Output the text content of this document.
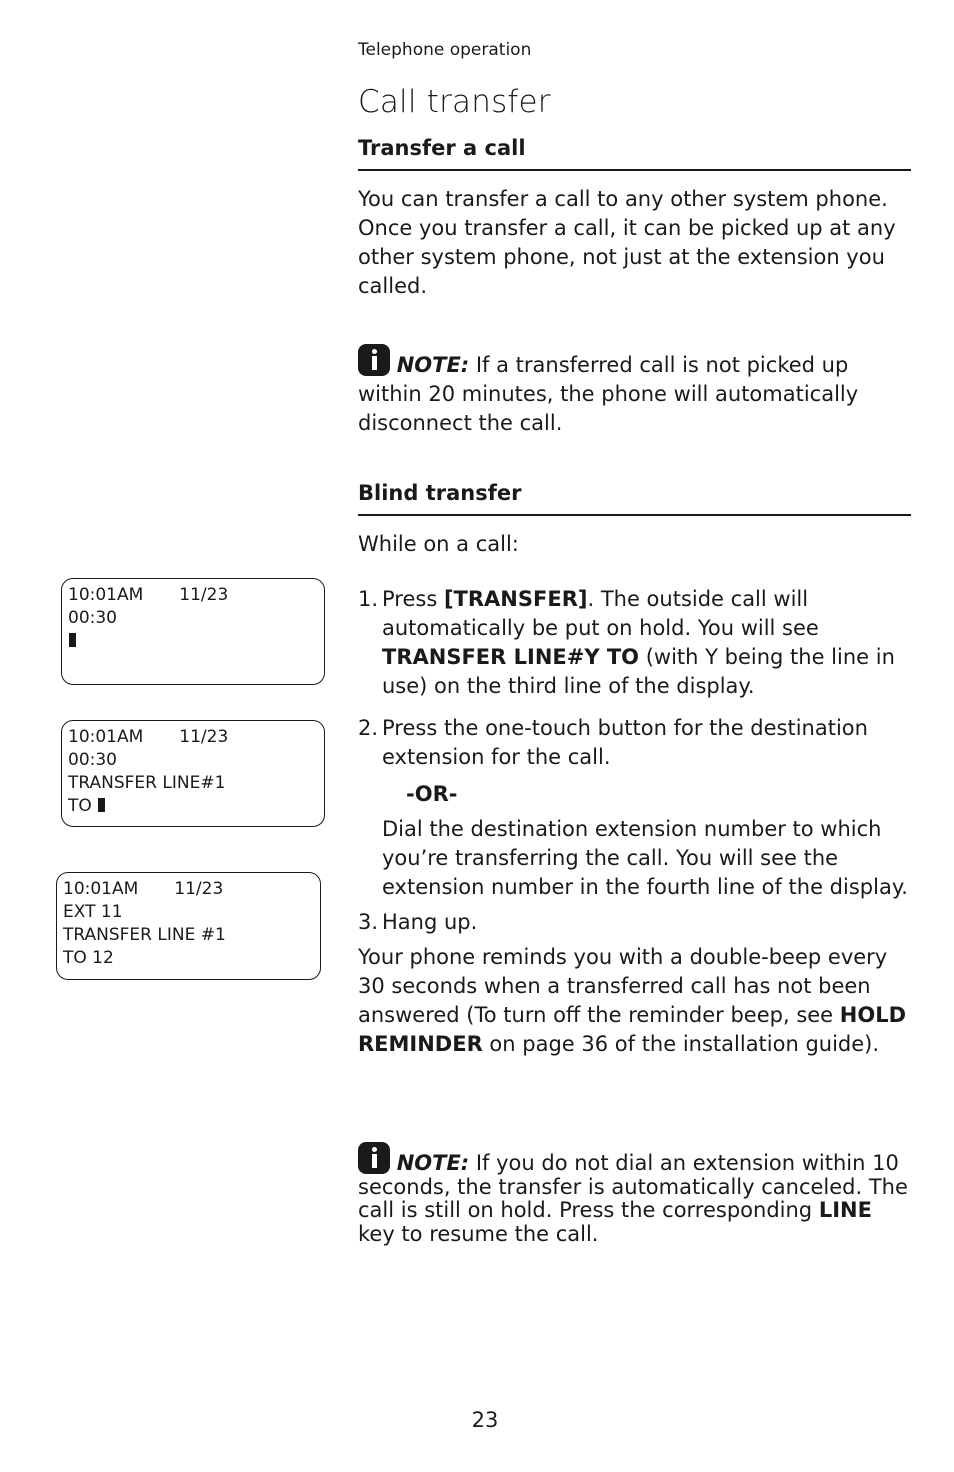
Telephone operation
Call transfer
Transfer a call
You can transfer a call to any other system phone. Once you transfer a call, it can be picked up at any other system phone, not just at the extension you called.
NOTE: If a transferred call is not picked up within 20 minutes, the phone will automatically disconnect the call.
Blind transfer
While on a call:
1. Press [TRANSFER]. The outside call will automatically be put on hold. You will see TRANSFER LINE#Y TO (with Y being the line in use) on the third line of the display.
2. Press the one-touch button for the destination extension for the call.
-OR-
Dial the destination extension number to which you’re transferring the call. You will see the extension number in the fourth line of the display.
3. Hang up.
Your phone reminds you with a double-beep every 30 seconds when a transferred call has not been answered (To turn off the reminder beep, see HOLD REMINDER on page 36 of the installation guide).
NOTE: If you do not dial an extension within 10 seconds, the transfer is automatically canceled. The call is still on hold. Press the corresponding LINE key to resume the call.
10:01AM 11/23
00:30
10:01AM 11/23
00:30
TRANSFER LINE#1
TO
10:01AM 11/23
EXT 11
TRANSFER LINE #1
TO 12
23
